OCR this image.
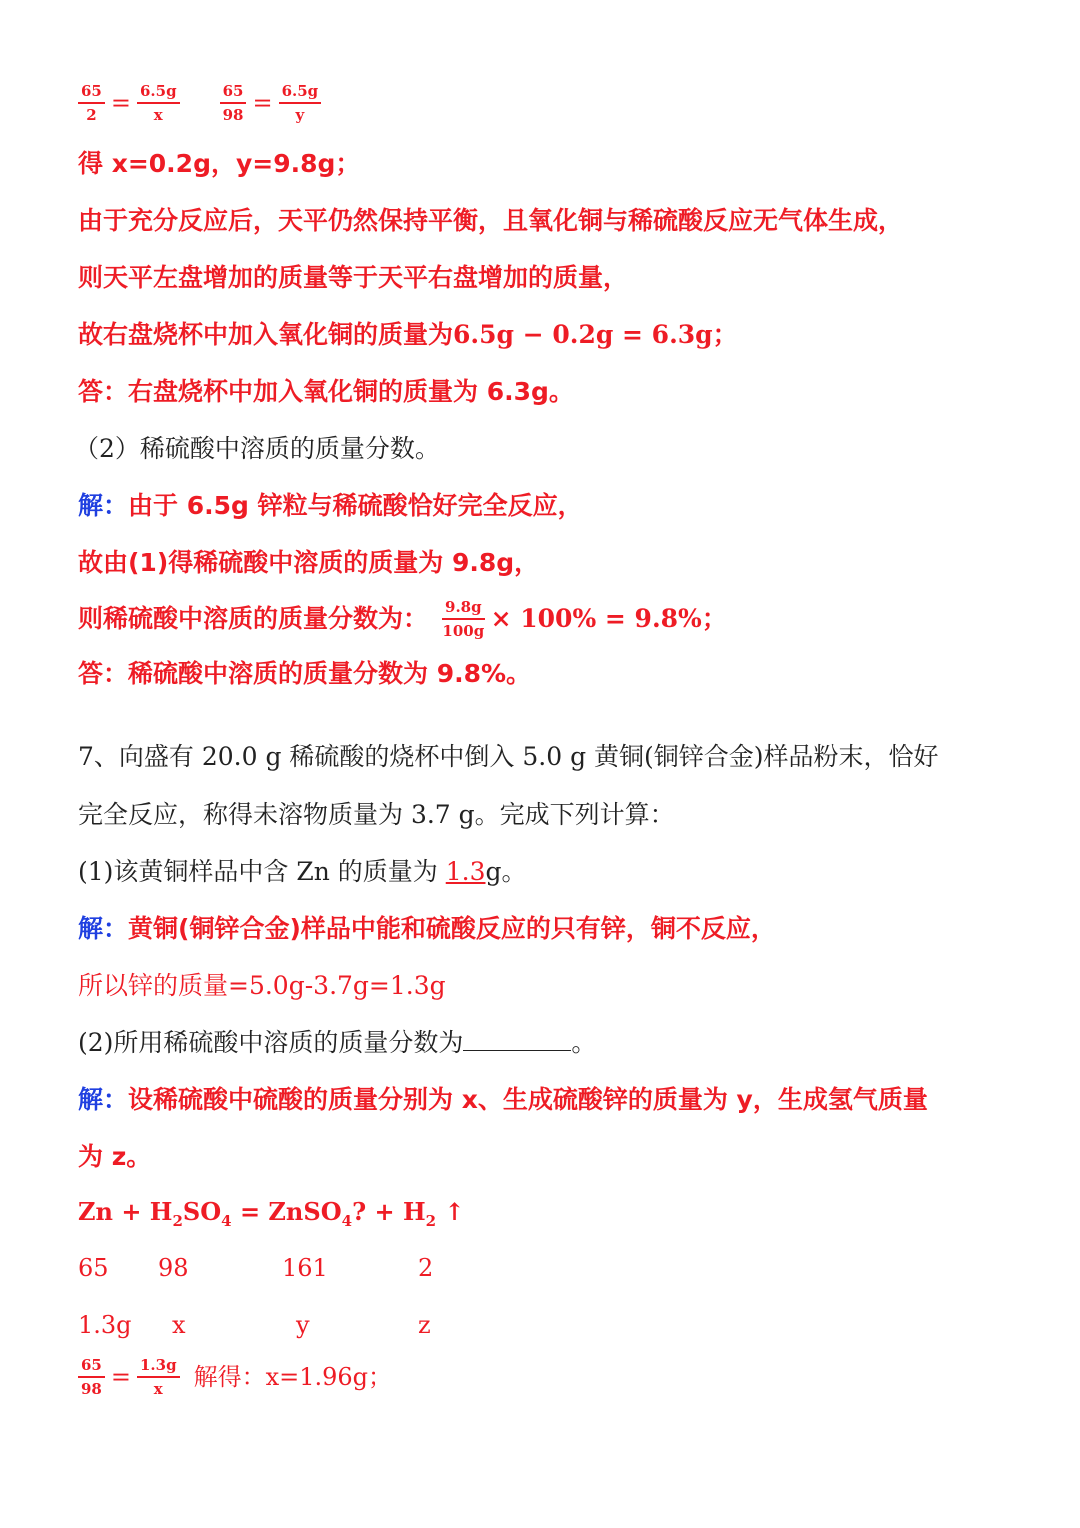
$\frac{65}{2} = \frac{6.5g}{x}$	$\frac{65}{98} = \frac{6.5g}{y}$
得 x=0.2g，y=9.8g；
由于充分反应后，天平仍然保持平衡，且氧化铜与稀硫酸反应无气体生成，
则天平左盘增加的质量等于天平右盘增加的质量，
故右盘烧杯中加入氧化铜的质量为6.5g − 0.2g = 6.3g；
答：右盘烧杯中加入氧化铜的质量为 6.3g。
（2）稀硫酸中溶质的质量分数。
解：由于 6.5g 锌粒与稀硫酸恰好完全反应，
故由(1)得稀硫酸中溶质的质量为 9.8g，
则稀硫酸中溶质的质量分数为： $\frac{9.8g}{100g} \times 100\% = 9.8\%$；
答：稀硫酸中溶质的质量分数为 9.8%。
7、向盛有 20.0 g 稀硫酸的烧杯中倒入 5.0 g 黄铜(铜锌合金)样品粉末，恰好
完全反应，称得未溶物质量为 3.7 g。完成下列计算：
(1)该黄铜样品中含 Zn 的质量为 1.3g。
解：黄铜(铜锌合金)样品中能和硫酸反应的只有锌，铜不反应，
所以锌的质量=5.0g-3.7g=1.3g
(2)所用稀硫酸中溶质的质量分数为	。
解：设稀硫酸中硫酸的质量分别为 x、生成硫酸锌的质量为 y，生成氢气质量
为 z。
$Zn + H_2SO_4$ = ZnSO$_4$? + $H_2$ ↑
65 98	161	2
1.3g x	y	z
$\frac{65}{98} = \frac{1.3g}{x}$ 解得：x=1.96g；
